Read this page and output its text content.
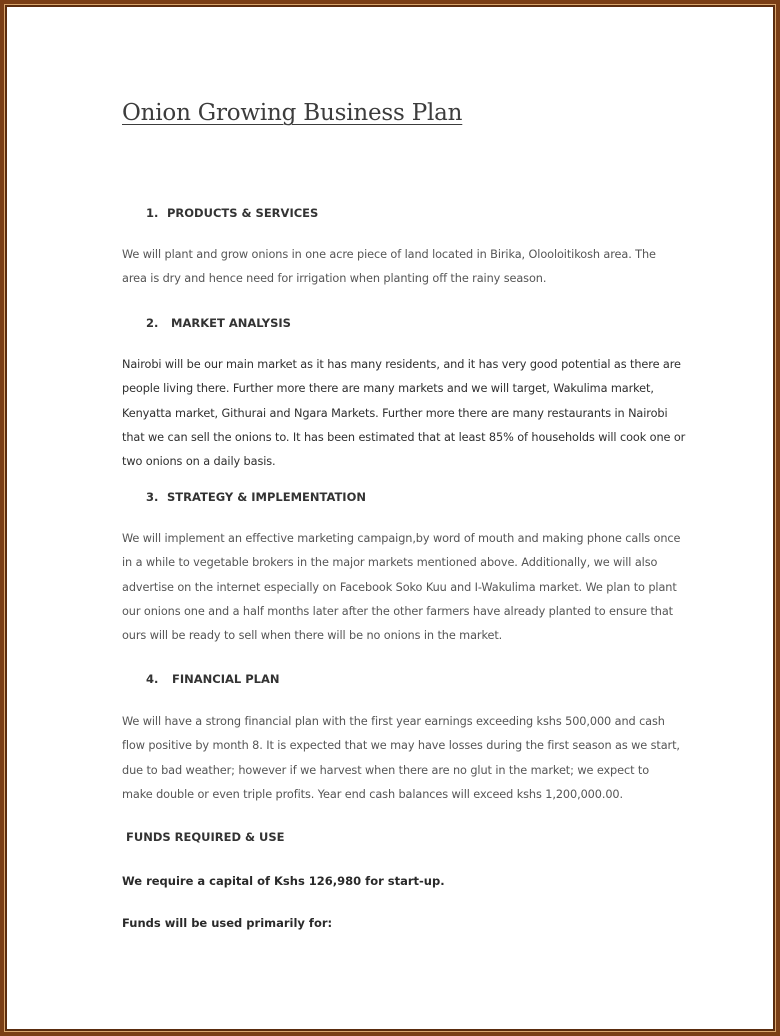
Onion Growing Business Plan
1. PRODUCTS & SERVICES
We will plant and grow onions in one acre piece of land located in Birika, Olooloitikosh area. The
area is dry and hence need for irrigation when planting off the rainy season.
2. MARKET ANALYSIS
Nairobi will be our main market as it has many residents, and it has very good potential as there are
people living there. Further more there are many markets and we will target, Wakulima market,
Kenyatta market, Githurai and Ngara Markets. Further more there are many restaurants in Nairobi
that we can sell the onions to. It has been estimated that at least 85% of households will cook one or
two onions on a daily basis.
3. STRATEGY & IMPLEMENTATION
We will implement an effective marketing campaign,by word of mouth and making phone calls once
in a while to vegetable brokers in the major markets mentioned above. Additionally, we will also
advertise on the internet especially on Facebook Soko Kuu and I-Wakulima market. We plan to plant
our onions one and a half months later after the other farmers have already planted to ensure that
ours will be ready to sell when there will be no onions in the market.
4. FINANCIAL PLAN
We will have a strong financial plan with the first year earnings exceeding kshs 500,000 and cash
flow positive by month 8. It is expected that we may have losses during the first season as we start,
due to bad weather; however if we harvest when there are no glut in the market; we expect to
make double or even triple profits. Year end cash balances will exceed kshs 1,200,000.00.
FUNDS REQUIRED & USE
We require a capital of Kshs 126,980 for start-up.
Funds will be used primarily for:
